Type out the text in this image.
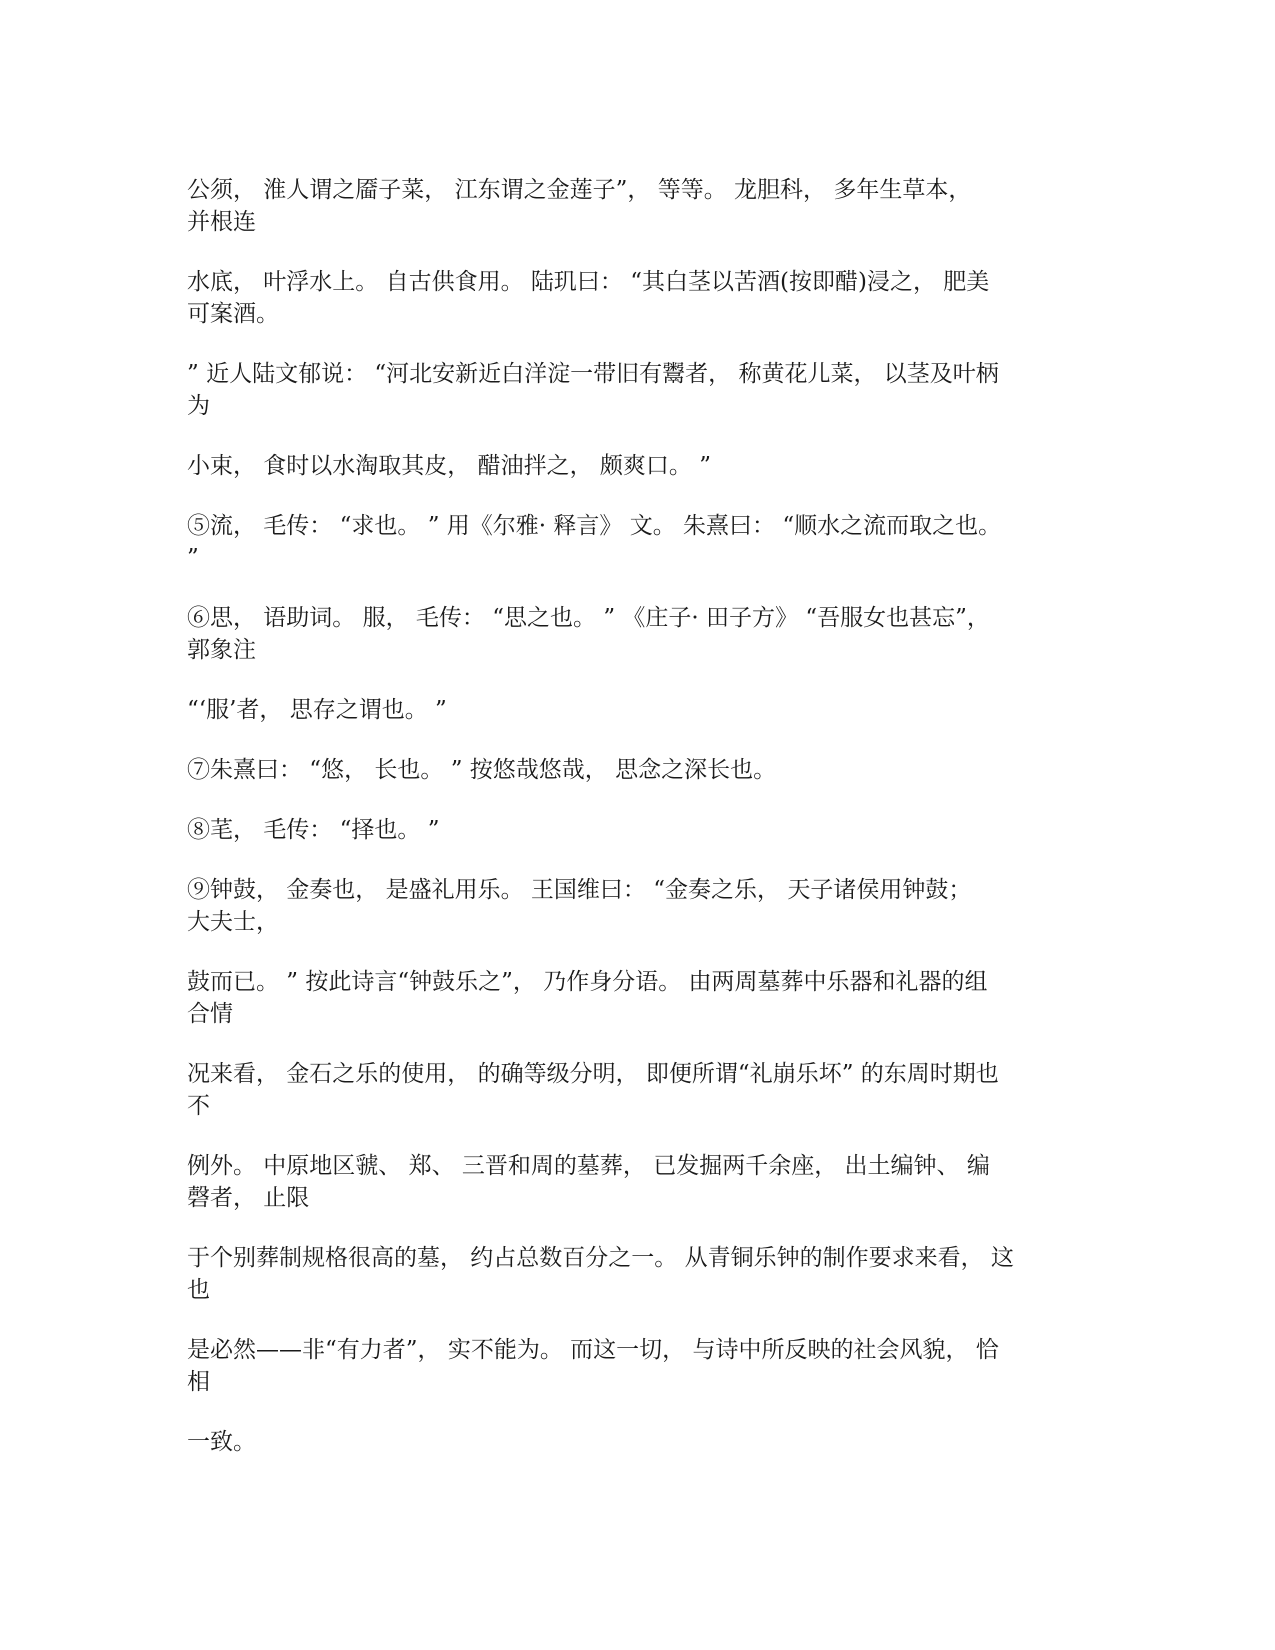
公须， 淮人谓之靥子菜， 江东谓之金莲子”， 等等。 龙胆科， 多年生草本，
并根连

水底， 叶浮水上。 自古供食用。 陆玑曰： “其白茎以苦酒(按即醋)浸之， 肥美
可案酒。

” 近人陆文郁说： “河北安新近白洋淀一带旧有鬻者， 称黄花儿菜， 以茎及叶柄
为

小束， 食时以水淘取其皮， 醋油拌之， 颇爽口。 ”

⑤流， 毛传： “求也。 ” 用《尔雅· 释言》 文。 朱熹曰： “顺水之流而取之也。
”

⑥思， 语助词。 服， 毛传： “思之也。 ” 《庄子· 田子方》 “吾服女也甚忘”，
郭象注

“‘服’者， 思存之谓也。 ”

⑦朱熹曰： “悠， 长也。 ” 按悠哉悠哉， 思念之深长也。

⑧芼， 毛传： “择也。 ”

⑨钟鼓， 金奏也， 是盛礼用乐。 王国维曰： “金奏之乐， 天子诸侯用钟鼓；
大夫士，

鼓而已。 ” 按此诗言“钟鼓乐之”， 乃作身分语。 由两周墓葬中乐器和礼器的组
合情

况来看， 金石之乐的使用， 的确等级分明， 即便所谓“礼崩乐坏” 的东周时期也
不

例外。 中原地区虢、 郑、 三晋和周的墓葬， 已发掘两千余座， 出土编钟、 编
磬者， 止限

于个别葬制规格很高的墓， 约占总数百分之一。 从青铜乐钟的制作要求来看， 这
也

是必然——非“有力者”， 实不能为。 而这一切， 与诗中所反映的社会风貌， 恰
相

一致。
